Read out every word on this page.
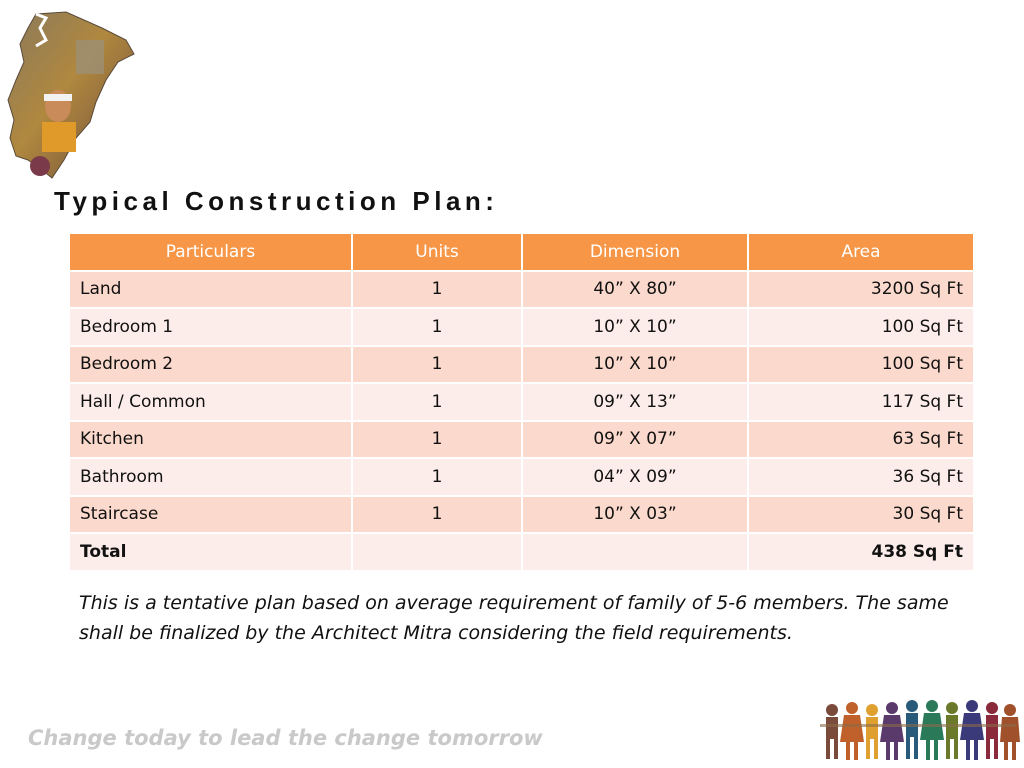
Typical Construction Plan:
Particulars	Units	Dimension	Area
Land	1	40” X 80”	3200 Sq Ft
Bedroom 1	1	10” X 10”	100 Sq Ft
Bedroom 2	1	10” X 10”	100 Sq Ft
Hall / Common	1	09” X 13”	117 Sq Ft
Kitchen	1	09” X 07”	63 Sq Ft
Bathroom	1	04” X 09”	36 Sq Ft
Staircase	1	10” X 03”	30 Sq Ft
Total			438 Sq Ft

This is a tentative plan based on average requirement of family of 5-6 members. The same shall be finalized by the Architect Mitra considering the field requirements.

Change today to lead the change tomorrow
